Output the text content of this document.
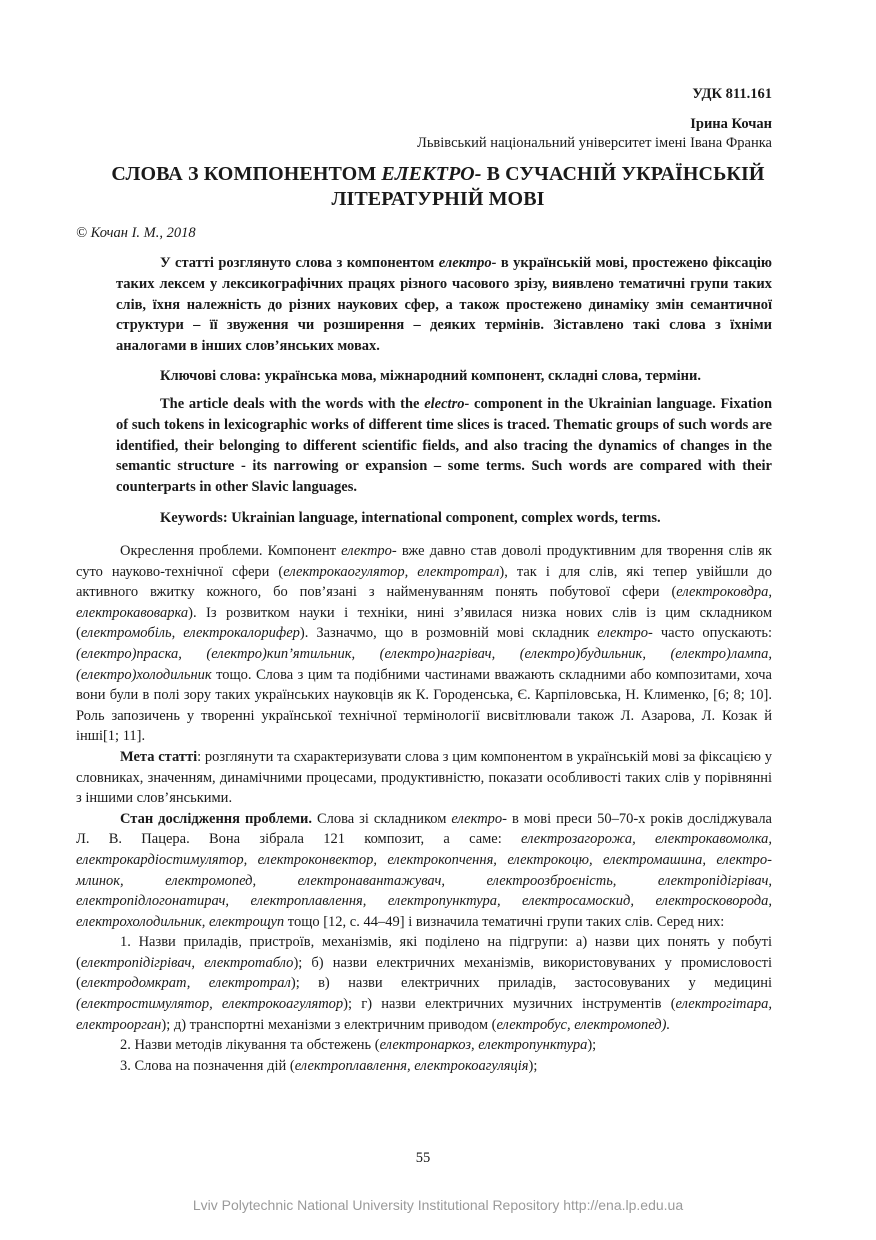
УДК 811.161
Ірина Кочан
Львівський національний університет імені Івана Франка
СЛОВА З КОМПОНЕНТОМ ЕЛЕКТРО- В СУЧАСНІЙ УКРАЇНСЬКІЙ ЛІТЕРАТУРНІЙ МОВІ
© Кочан І. М., 2018

У статті розглянуто слова з компонентом електро- в українській мові, простежено фіксацію таких лексем у лексикографічних працях різного часового зрізу, виявлено тематичні групи таких слів, їхня належність до різних наукових сфер, а також простежено динаміку змін семантичної структури – її звуження чи розширення – деяких термінів. Зіставлено такі слова з їхніми аналогами в інших слов’янських мовах.

Ключові слова: українська мова, міжнародний компонент, складні слова, терміни.

The article deals with the words with the electro- component in the Ukrainian language. Fixation of such tokens in lexicographic works of different time slices is traced. Thematic groups of such words are identified, their belonging to different scientific fields, and also tracing the dynamics of changes in the semantic structure - its narrowing or expansion – some terms. Such words are compared with their counterparts in other Slavic languages.

Keywords: Ukrainian language, international component, complex words, terms.

Окреслення проблеми. Компонент електро- вже давно став доволі продуктивним для творення слів як суто науково-технічної сфери (електрокаогулятор, електротрал), так і для слів, які тепер увійшли до активного вжитку кожного, бо пов’язані з найменуванням понять побутової сфери (електроковдра, електрокавоварка). Із розвитком науки і техніки, нині з’явилася низка нових слів із цим складником (електромобіль, електрокалорифер). Зазначмо, що в розмовній мові складник електро- часто опускають: (електро)праска, (електро)кип’ятильник, (електро)нагрівач, (електро)будильник, (електро)лампа, (електро)холодильник тощо. Слова з цим та подібними частинами вважають складними або композитами, хоча вони були в полі зору таких українських науковців як К. Городенська, Є. Карпіловська, Н. Клименко, [6; 8; 10]. Роль запозичень у творенні української технічної термінології висвітлювали також Л. Азарова, Л. Козак й інші[1; 11].

Мета статті: розглянути та схарактеризувати слова з цим компонентом в українській мові за фіксацією у словниках, значенням, динамічними процесами, продуктивністю, показати особливості таких слів у порівнянні з іншими слов’янськими.

Стан дослідження проблеми. Слова зі складником електро- в мові преси 50–70-х років досліджувала Л. В. Пацера. Вона зібрала 121 композит, а саме: електрозагорожа, електрокавомолка, електрокардіостимулятор, електроконвектор, електрокопчення, електрокоцю, електромашина, електро-млинок, електромопед, електронавантажувач, електроозброєність, електропідігрівач, електропідлогонатирач, електроплавлення, електропунктура, електросамоскид, електросковорода, електрохолодильник, електрощуп тощо [12, с. 44–49] і визначила тематичні групи таких слів. Серед них:

1. Назви приладів, пристроїв, механізмів, які поділено на підгрупи: а) назви цих понять у побуті (електропідігрівач, електротабло); б) назви електричних механізмів, використовуваних у промисловості (електродомкрат, електротрал); в) назви електричних приладів, застосовуваних у медицині (електростимулятор, електрокоагулятор); г) назви електричних музичних інструментів (електрогітара, електроорган); д) транспортні механізми з електричним приводом (електробус, електромопед).

2. Назви методів лікування та обстежень (електронаркоз, електропунктура);

3. Слова на позначення дій (електроплавлення, електрокоагуляція);

55
Lviv Polytechnic National University Institutional Repository http://ena.lp.edu.ua
